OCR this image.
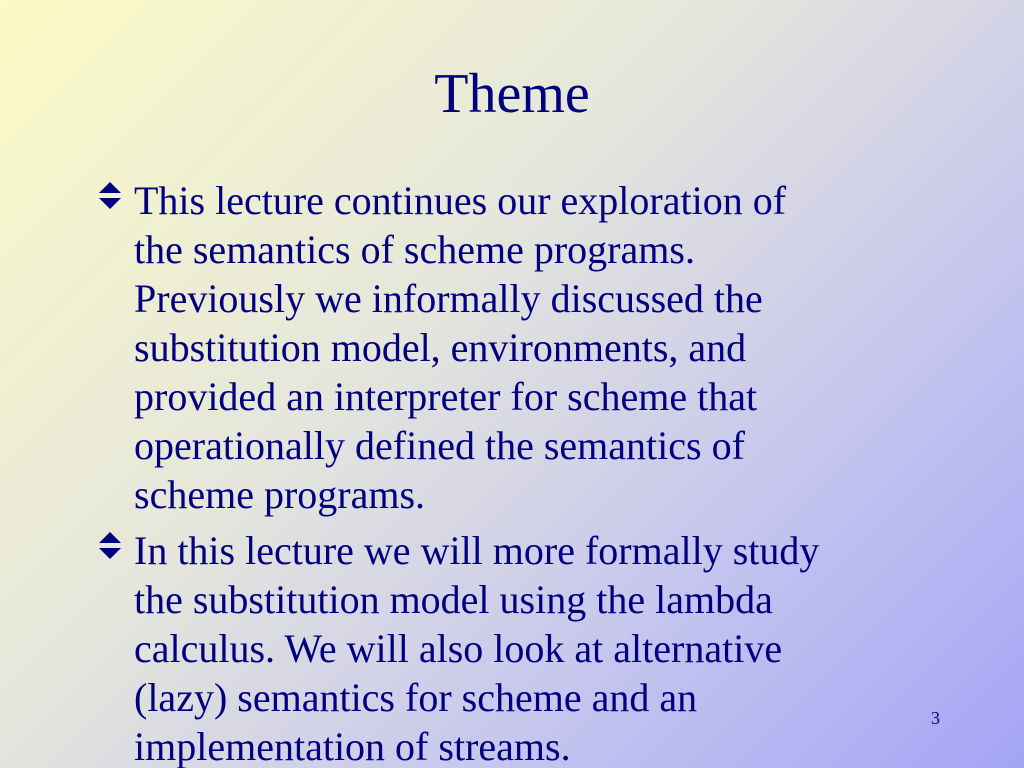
Theme
This lecture continues our exploration of
the semantics of scheme programs.
Previously we informally discussed the
substitution model, environments, and
provided an interpreter for scheme that
operationally defined the semantics of
scheme programs.
In this lecture we will more formally study
the substitution model using the lambda
calculus. We will also look at alternative
(lazy) semantics for scheme and an
implementation of streams.
3
